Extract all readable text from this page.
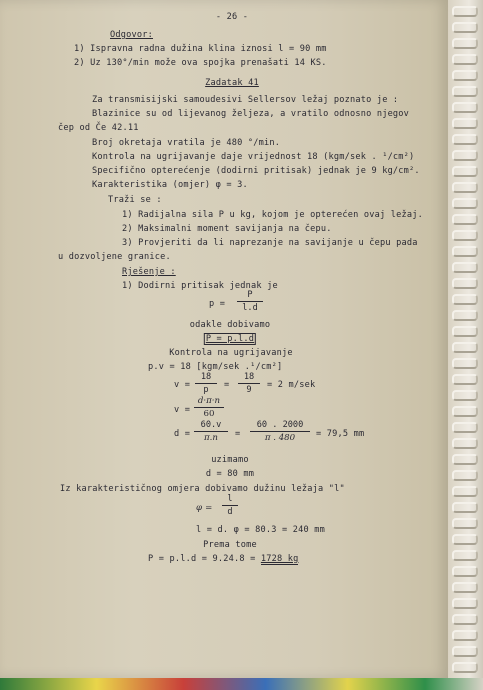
- 26 -
Odgovor:
1) Ispravna radna dužina klina iznosi l = 90 mm
2) Uz 130°/min može ova spojka prenašati 14 KS.
Zadatak 41
Za transmisijski samoudesivi Sellersov ležaj poznato je :
Blazinice su od lijevanog željeza, a vratilo odnosno njegov
čep od Če 42.11
Broj okretaja vratila je 480 °/min.
Kontrola na ugrijavanje daje vrijednost 18 (kgm/sek . ¹/cm²)
Specifično opterećenje (dodirni pritisak) jednak je 9 kg/cm².
Karakteristika (omjer) φ = 3.
Traži se :
1) Radijalna sila P u kg, kojom je opterećen ovaj ležaj.
2) Maksimalni moment savijanja na čepu.
3) Provjeriti da li naprezanje na savijanje u čepu pada
u dozvoljene granice.
Rješenje :
1) Dodirni pritisak jednak je
p =
P
l.d
odakle dobivamo
P = p.l.d
Kontrola na ugrijavanje
p.v = 18 [kgm/sek .¹/cm²]
v =
18
p	=
18
9	= 2 m/sek
v =
d·π·n
60
d =
60.v
π.n	=
60 . 2000
π . 480	= 79,5 mm
uzimamo
d = 80 mm
Iz karakterističnog omjera dobivamo dužinu ležaja "l"
φ =
l
d
l = d. φ = 80.3 = 240 mm
Prema tome
P = p.l.d = 9.24.8 = 1728 kg
